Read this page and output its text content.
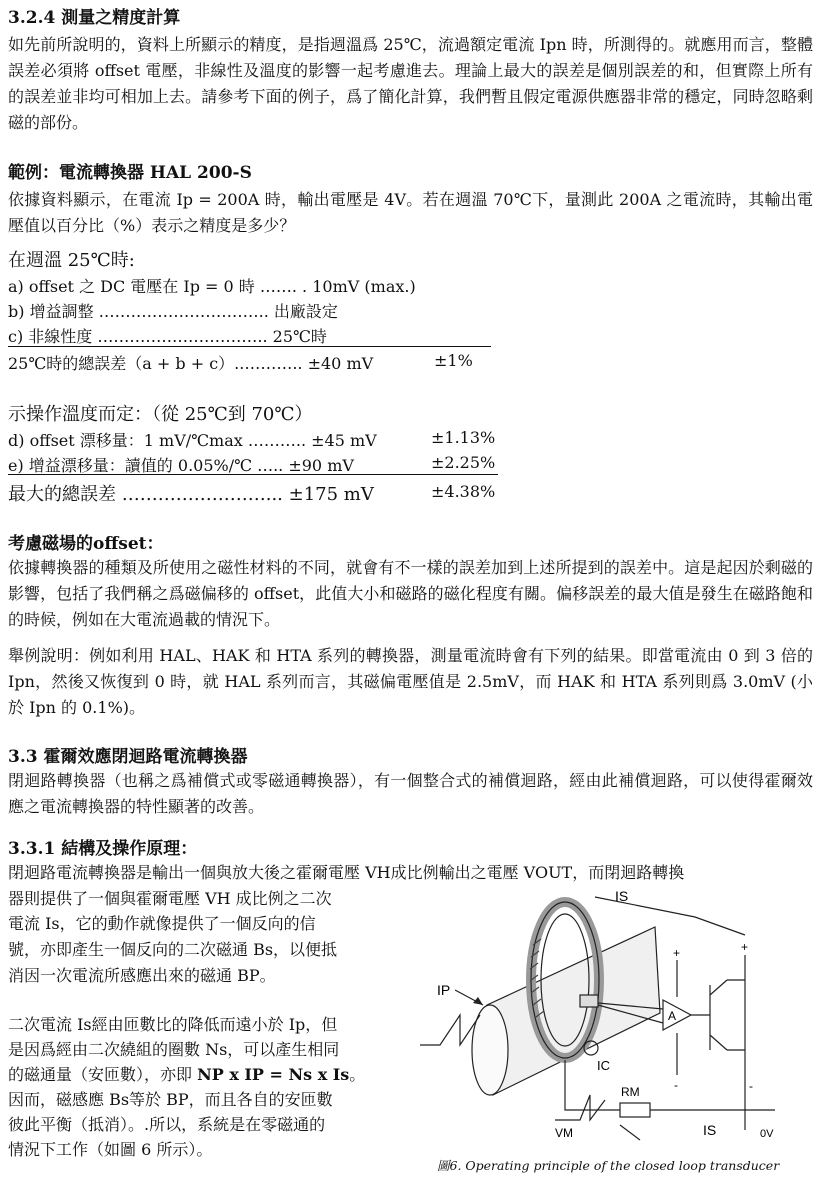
3.2.4 測量之精度計算
如先前所說明的，資料上所顯示的精度，是指週溫爲 25℃，流過額定電流 Ipn 時，所測得的。就應用而言，整體誤差必須將 offset 電壓，非線性及溫度的影響一起考慮進去。理論上最大的誤差是個別誤差的和，但實際上所有的誤差並非均可相加上去。請參考下面的例子，爲了簡化計算，我們暫且假定電源供應器非常的穩定，同時忽略剩磁的部份。
範例：電流轉換器 HAL 200-S
依據資料顯示，在電流 Ip = 200A 時，輸出電壓是 4V。若在週溫 70℃下，量測此 200A 之電流時，其輸出電壓值以百分比（%）表示之精度是多少？
在週溫 25℃時:
a) offset 之 DC 電壓在 Ip = 0 時 ……. . 10mV (max.)
b) 增益調整 ………………………….. 出廠設定
c) 非線性度 ………………………….. 25℃時
25℃時的總誤差（a + b + c）..……….. ±40 mV	±1%
示操作溫度而定：（從 25℃到 70℃）
d) offset 漂移量：1 mV/℃max ……….. ±45 mV	±1.13%
e) 增益漂移量：讀值的 0.05%/℃ ….. ±90 mV	±2.25%
最大的總誤差 ……………………... ±175 mV	±4.38%
考慮磁場的offset：
依據轉換器的種類及所使用之磁性材料的不同，就會有不一樣的誤差加到上述所提到的誤差中。這是起因於剩磁的影響，包括了我們稱之爲磁偏移的 offset，此值大小和磁路的磁化程度有關。偏移誤差的最大值是發生在磁路飽和的時候，例如在大電流過載的情況下。
舉例說明：例如利用 HAL、HAK 和 HTA 系列的轉換器，測量電流時會有下列的結果。即當電流由 0 到 3 倍的 Ipn，然後又恢復到 0 時，就 HAL 系列而言，其磁偏電壓值是 2.5mV，而 HAK 和 HTA 系列則爲 3.0mV (小於 Ipn 的 0.1%)。
3.3 霍爾效應閉迴路電流轉換器
閉迴路轉換器（也稱之爲補償式或零磁通轉換器），有一個整合式的補償迴路，經由此補償迴路，可以使得霍爾效應之電流轉換器的特性顯著的改善。
3.3.1 結構及操作原理：
閉迴路電流轉換器是輸出一個與放大後之霍爾電壓 VH成比例輸出之電壓 VOUT，而閉迴路轉換
器則提供了一個與霍爾電壓 VH 成比例之二次
電流 Is，它的動作就像提供了一個反向的信
號，亦即產生一個反向的二次磁通 Bs，以便抵
消因一次電流所感應出來的磁通 BP。
二次電流 Is經由匝數比的降低而遠小於 Ip，但
是因爲經由二次繞組的圈數 Ns，可以產生相同
的磁通量（安匝數），亦即 NP x IP = Ns x Is。
因而，磁感應 Bs等於 BP，而且各自的安匝數
彼此平衡（抵消）。.所以，系統是在零磁通的
情況下工作（如圖 6 所示）。
IS
IP
A
IC
RM
VM	IS	0V
+	+
-	-
圖6. Operating principle of the closed loop transducer
